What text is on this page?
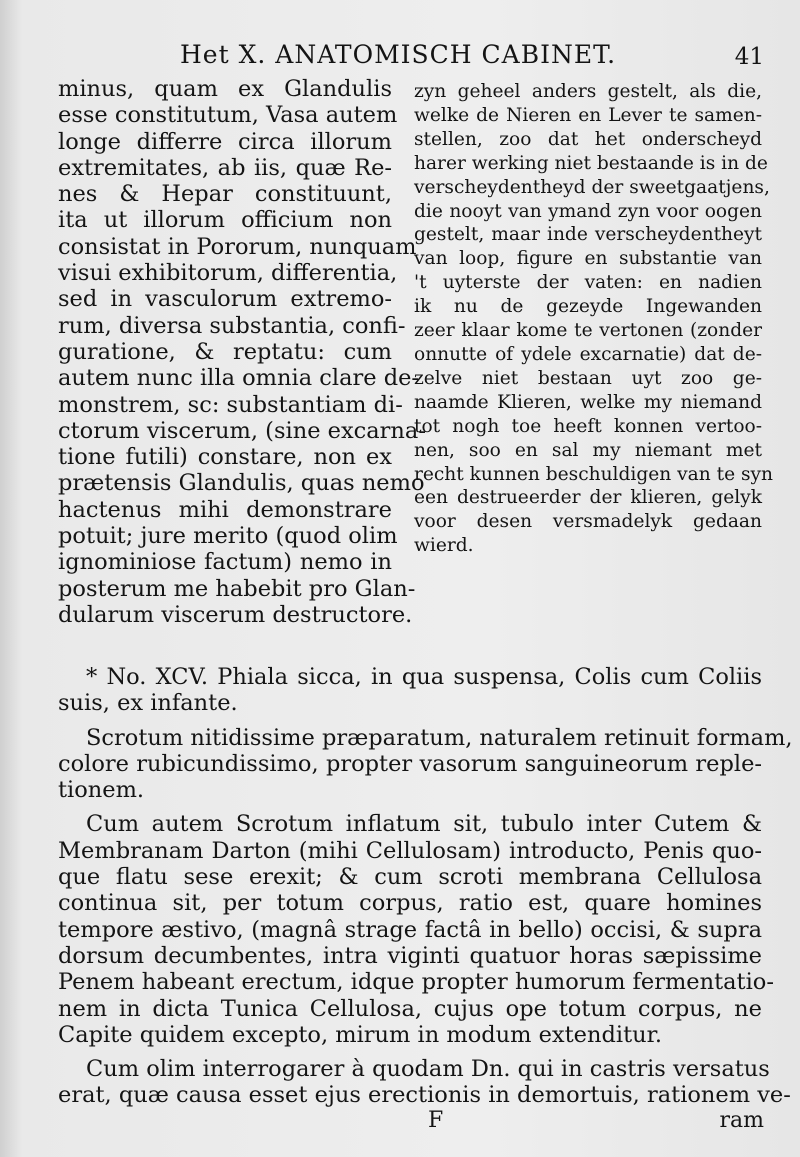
Het X. ANATOMISCH CABINET.	41
minus, quam ex Glandulis
esse constitutum, Vasa autem
longe differre circa illorum
extremitates, ab iis, quæ Re-
nes & Hepar constituunt,
ita ut illorum officium non
consistat in Pororum, nunquam
visui exhibitorum, differentia,
sed in vasculorum extremo-
rum, diversa substantia, confi-
guratione, & reptatu: cum
autem nunc illa omnia clare de-
monstrem, sc: substantiam di-
ctorum viscerum, (sine excarna-
tione futili) constare, non ex
prætensis Glandulis, quas nemo
hactenus mihi demonstrare
potuit; jure merito (quod olim
ignominiose factum) nemo in
posterum me habebit pro Glan-
dularum viscerum destructore.
zyn geheel anders gestelt, als die,
welke de Nieren en Lever te samen-
stellen, zoo dat het onderscheyd
harer werking niet bestaande is in de
verscheydentheyd der sweetgaatjens,
die nooyt van ymand zyn voor oogen
gestelt, maar inde verscheydentheyt
van loop, figure en substantie van
't uyterste der vaten: en nadien
ik nu de gezeyde Ingewanden
zeer klaar kome te vertonen (zonder
onnutte of ydele excarnatie) dat de-
zelve niet bestaan uyt zoo ge-
naamde Klieren, welke my niemand
tot nogh toe heeft konnen vertoo-
nen, soo en sal my niemant met
recht kunnen beschuldigen van te syn
een destrueerder der klieren, gelyk
voor desen versmadelyk gedaan
wierd.
* No. XCV. Phiala sicca, in qua suspensa, Colis cum Coliis
suis, ex infante.
Scrotum nitidissime præparatum, naturalem retinuit formam,
colore rubicundissimo, propter vasorum sanguineorum reple-
tionem.
Cum autem Scrotum inflatum sit, tubulo inter Cutem &
Membranam Darton (mihi Cellulosam) introducto, Penis quo-
que flatu sese erexit; & cum scroti membrana Cellulosa
continua sit, per totum corpus, ratio est, quare homines
tempore æstivo, (magnâ strage factâ in bello) occisi, & supra
dorsum decumbentes, intra viginti quatuor horas sæpissime
Penem habeant erectum, idque propter humorum fermentatio-
nem in dicta Tunica Cellulosa, cujus ope totum corpus, ne
Capite quidem excepto, mirum in modum extenditur.
Cum olim interrogarer à quodam Dn. qui in castris versatus
erat, quæ causa esset ejus erectionis in demortuis, rationem ve-
F	ram
